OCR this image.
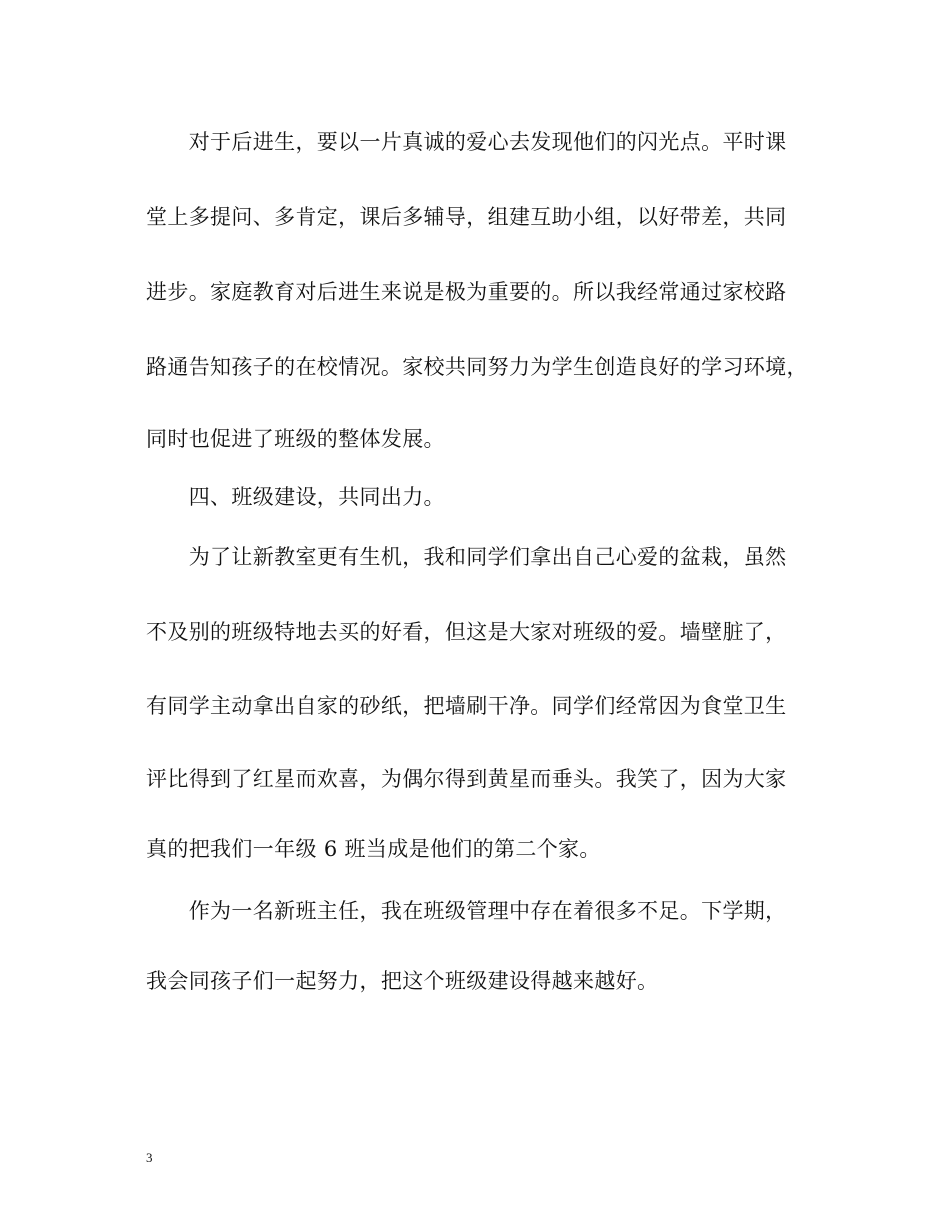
　　对于后进生，要以一片真诚的爱心去发现他们的闪光点。平时课
堂上多提问、多肯定，课后多辅导，组建互助小组，以好带差，共同
进步。家庭教育对后进生来说是极为重要的。所以我经常通过家校路
路通告知孩子的在校情况。家校共同努力为学生创造良好的学习环境，
同时也促进了班级的整体发展。
　　四、班级建设，共同出力。
　　为了让新教室更有生机，我和同学们拿出自己心爱的盆栽，虽然
不及别的班级特地去买的好看，但这是大家对班级的爱。墙壁脏了，
有同学主动拿出自家的砂纸，把墙刷干净。同学们经常因为食堂卫生
评比得到了红星而欢喜，为偶尔得到黄星而垂头。我笑了，因为大家
真的把我们一年级 6 班当成是他们的第二个家。
　　作为一名新班主任，我在班级管理中存在着很多不足。下学期，
我会同孩子们一起努力，把这个班级建设得越来越好。
3
